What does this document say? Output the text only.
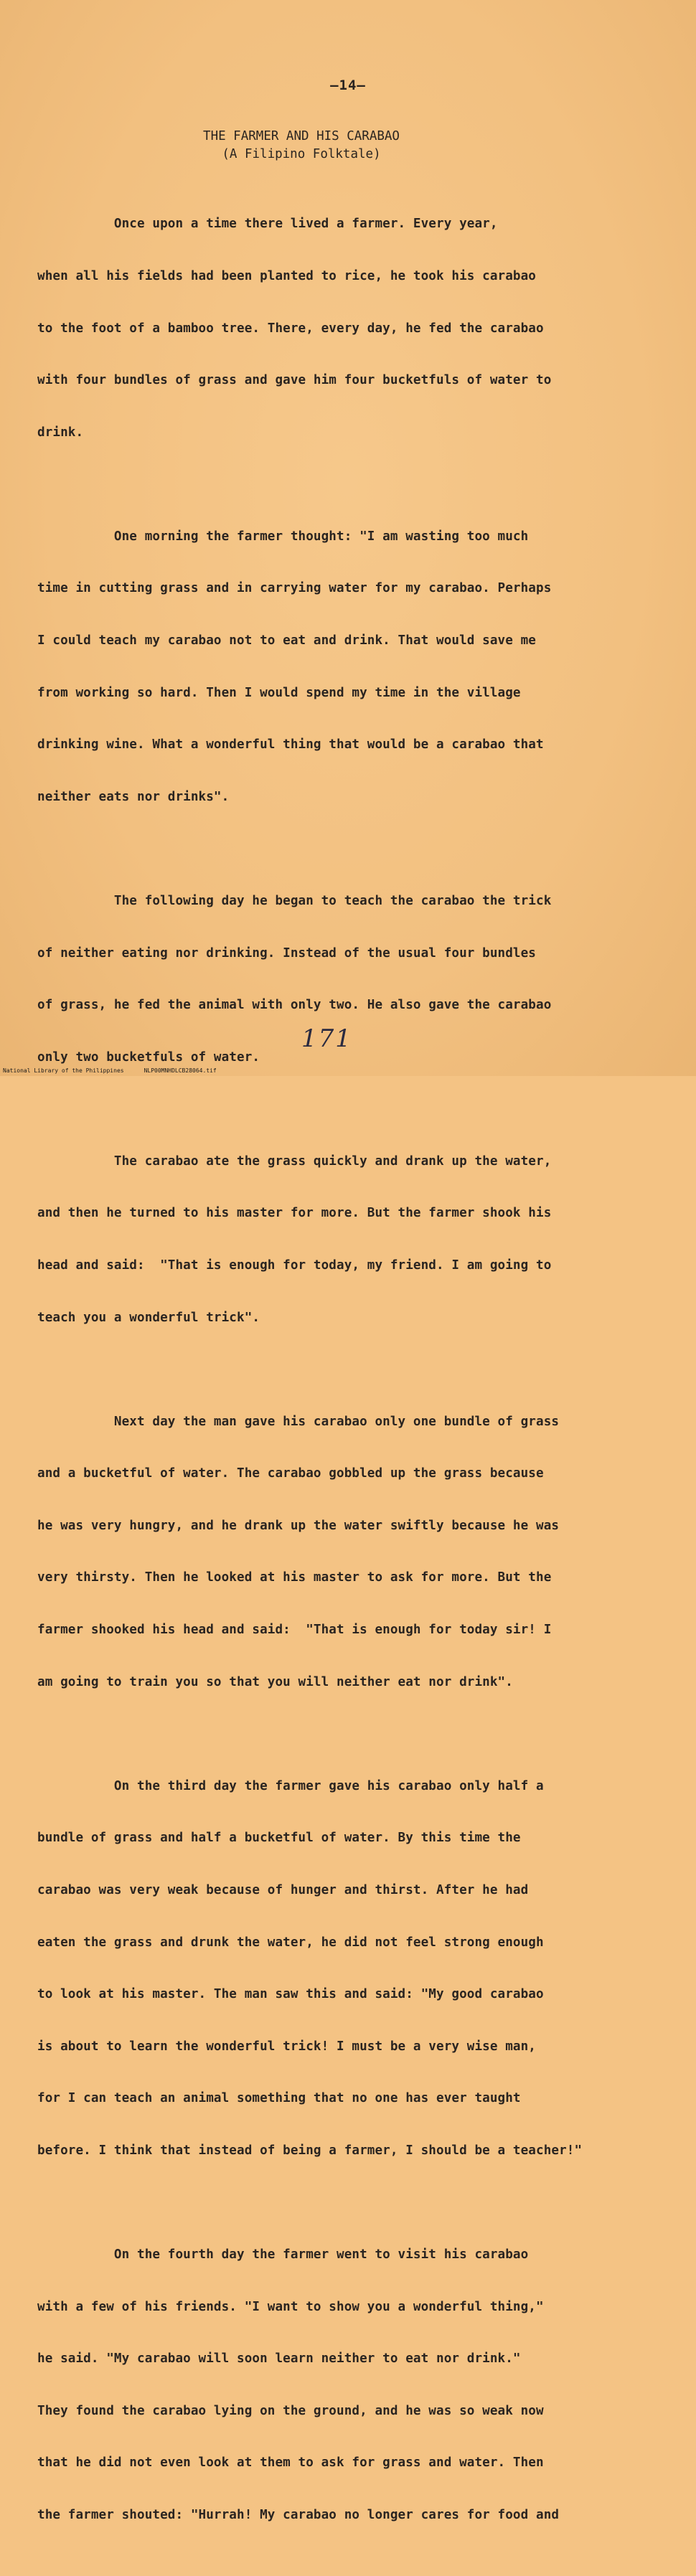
—14—
THE FARMER AND HIS CARABAO
(A Filipino Folktale)

Once upon a time there lived a farmer. Every year,

when all his fields had been planted to rice, he took his carabao

to the foot of a bamboo tree. There, every day, he fed the carabao

with four bundles of grass and gave him four bucketfuls of water to

drink.

One morning the farmer thought: "I am wasting too much

time in cutting grass and in carrying water for my carabao. Perhaps

I could teach my carabao not to eat and drink. That would save me

from working so hard. Then I would spend my time in the village

drinking wine. What a wonderful thing that would be a carabao that

neither eats nor drinks".

The following day he began to teach the carabao the trick

of neither eating nor drinking. Instead of the usual four bundles

of grass, he fed the animal with only two. He also gave the carabao

only two bucketfuls of water.

The carabao ate the grass quickly and drank up the water,

and then he turned to his master for more. But the farmer shook his

head and said:  "That is enough for today, my friend. I am going to

teach you a wonderful trick".

Next day the man gave his carabao only one bundle of grass

and a bucketful of water. The carabao gobbled up the grass because

he was very hungry, and he drank up the water swiftly because he was

very thirsty. Then he looked at his master to ask for more. But the

farmer shooked his head and said:  "That is enough for today sir! I

am going to train you so that you will neither eat nor drink".

On the third day the farmer gave his carabao only half a

bundle of grass and half a bucketful of water. By this time the

carabao was very weak because of hunger and thirst. After he had

eaten the grass and drunk the water, he did not feel strong enough

to look at his master. The man saw this and said: "My good carabao

is about to learn the wonderful trick! I must be a very wise man,

for I can teach an animal something that no one has ever taught

before. I think that instead of being a farmer, I should be a teacher!"

On the fourth day the farmer went to visit his carabao

with a few of his friends. "I want to show you a wonderful thing,"

he said. "My carabao will soon learn neither to eat nor drink."

They found the carabao lying on the ground, and he was so weak now

that he did not even look at them to ask for grass and water. Then

the farmer shouted: "Hurrah! My carabao no longer cares for food and

171
National Library of the Philippines	NLP00MNHDLCB28064.tif
